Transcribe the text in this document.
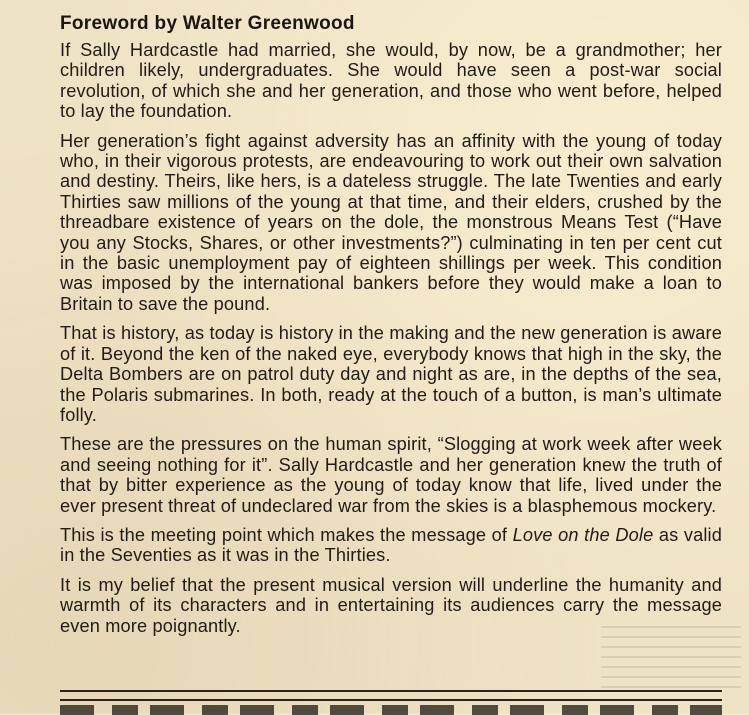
Foreword by Walter Greenwood

If Sally Hardcastle had married, she would, by now, be a grandmother; her children likely, undergraduates. She would have seen a post-war social revolution, of which she and her generation, and those who went before, helped to lay the foundation.

Her generation’s fight against adversity has an affinity with the young of today who, in their vigorous protests, are endeavouring to work out their own salvation and destiny. Theirs, like hers, is a dateless struggle. The late Twenties and early Thirties saw millions of the young at that time, and their elders, crushed by the threadbare existence of years on the dole, the monstrous Means Test (“Have you any Stocks, Shares, or other investments?”) culminating in ten per cent cut in the basic unemployment pay of eighteen shillings per week. This condition was imposed by the international bankers before they would make a loan to Britain to save the pound.

That is history, as today is history in the making and the new generation is aware of it. Beyond the ken of the naked eye, everybody knows that high in the sky, the Delta Bombers are on patrol duty day and night as are, in the depths of the sea, the Polaris submarines. In both, ready at the touch of a button, is man’s ultimate folly.

These are the pressures on the human spirit, “Slogging at work week after week and seeing nothing for it”. Sally Hardcastle and her generation knew the truth of that by bitter experience as the young of today know that life, lived under the ever present threat of undeclared war from the skies is a blasphemous mockery.

This is the meeting point which makes the message of Love on the Dole as valid in the Seventies as it was in the Thirties.

It is my belief that the present musical version will underline the humanity and warmth of its characters and in entertaining its audiences carry the message even more poignantly.
